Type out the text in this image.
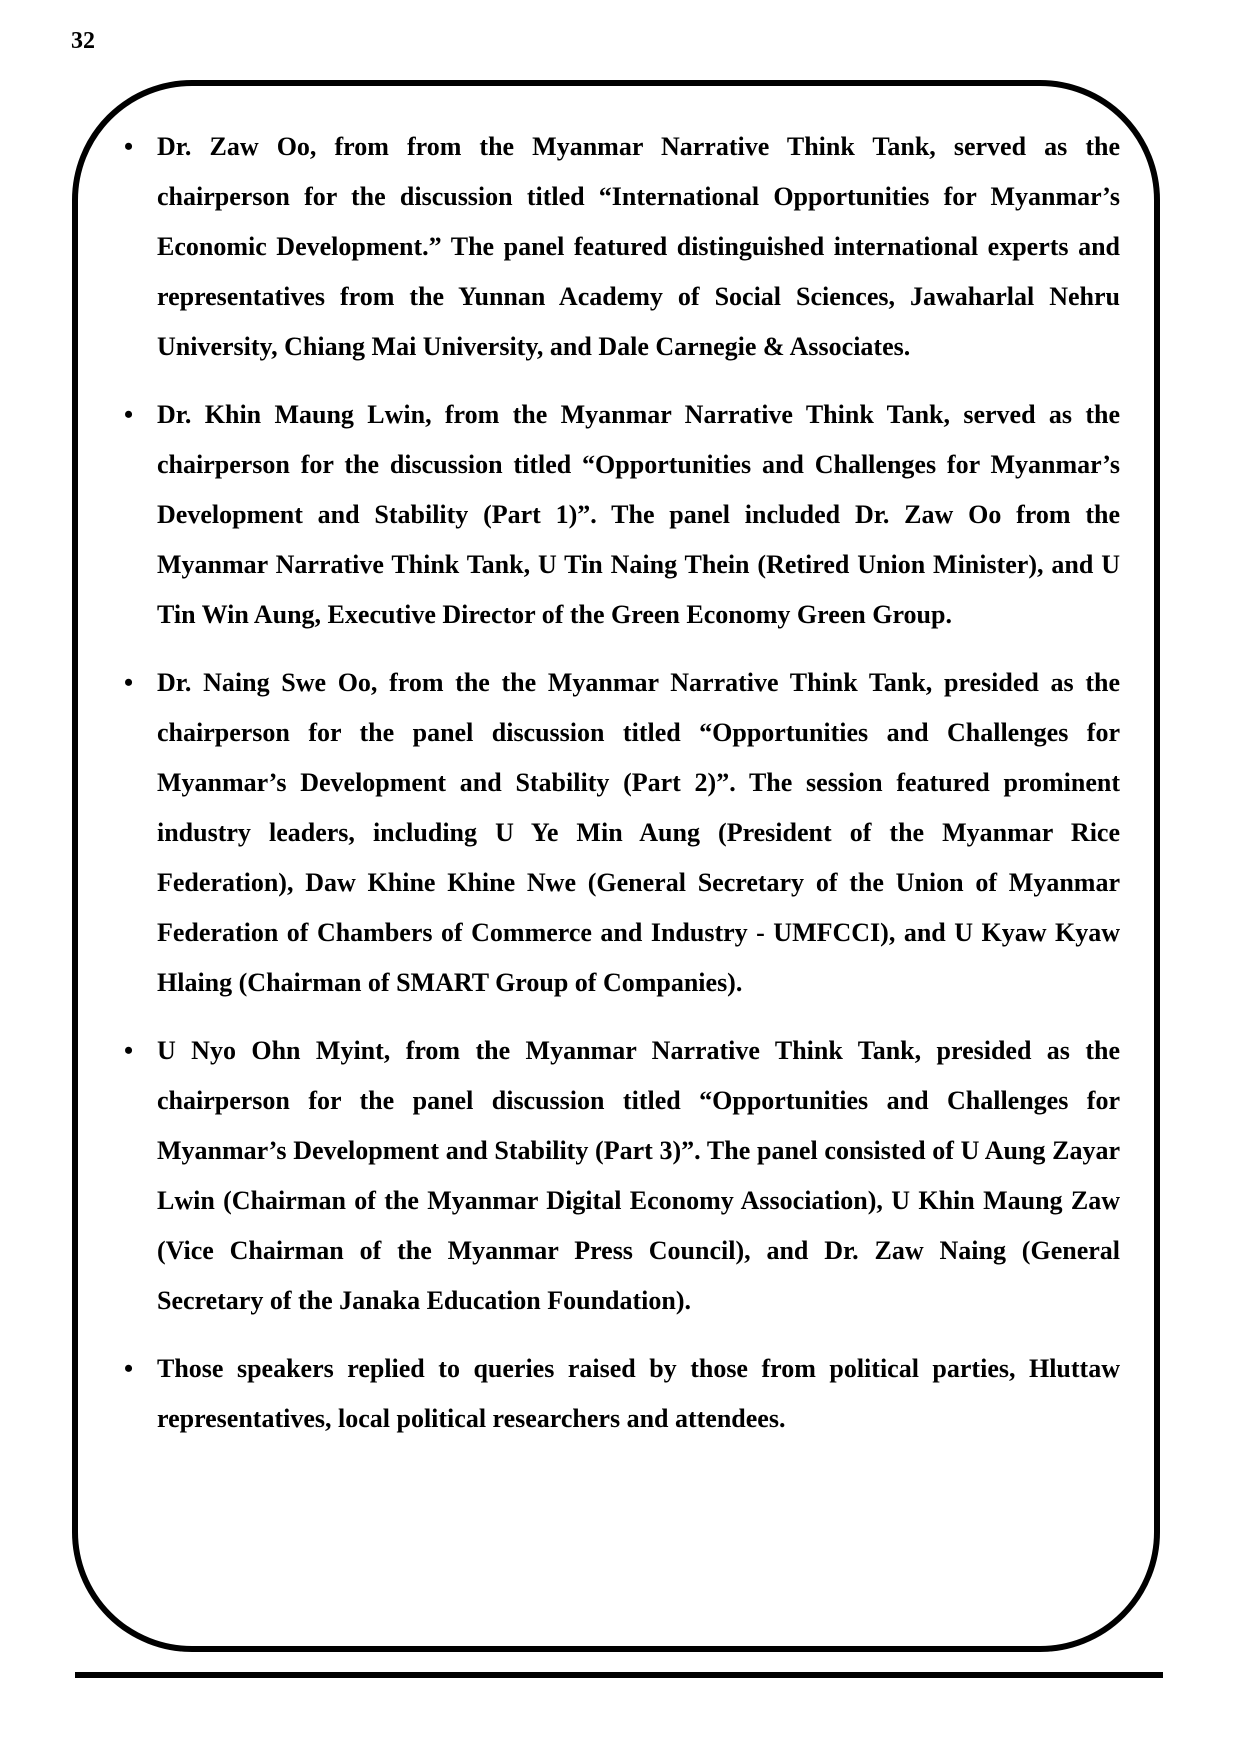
32
• Dr. Zaw Oo, from from the Myanmar Narrative Think Tank, served as the chairperson for the discussion titled “International Opportunities for Myanmar’s Economic Development.” The panel featured distinguished international experts and representatives from the Yunnan Academy of Social Sciences, Jawaharlal Nehru University, Chiang Mai University, and Dale Carnegie & Associates.

• Dr. Khin Maung Lwin, from the Myanmar Narrative Think Tank, served as the chairperson for the discussion titled “Opportunities and Challenges for Myanmar’s Development and Stability (Part 1)”. The panel included Dr. Zaw Oo from the Myanmar Narrative Think Tank, U Tin Naing Thein (Retired Union Minister), and U Tin Win Aung, Executive Director of the Green Economy Green Group.

• Dr. Naing Swe Oo, from the the Myanmar Narrative Think Tank, presided as the chairperson for the panel discussion titled “Opportunities and Challenges for Myanmar’s Development and Stability (Part 2)”. The session featured prominent industry leaders, including U Ye Min Aung (President of the Myanmar Rice Federation), Daw Khine Khine Nwe (General Secretary of the Union of Myanmar Federation of Chambers of Commerce and Industry - UMFCCI), and U Kyaw Kyaw Hlaing (Chairman of SMART Group of Companies).

• U Nyo Ohn Myint, from the Myanmar Narrative Think Tank, presided as the chairperson for the panel discussion titled “Opportunities and Challenges for Myanmar’s Development and Stability (Part 3)”. The panel consisted of U Aung Zayar Lwin (Chairman of the Myanmar Digital Economy Association), U Khin Maung Zaw (Vice Chairman of the Myanmar Press Council), and Dr. Zaw Naing (General Secretary of the Janaka Education Foundation).

• Those speakers replied to queries raised by those from political parties, Hluttaw representatives, local political researchers and attendees.
